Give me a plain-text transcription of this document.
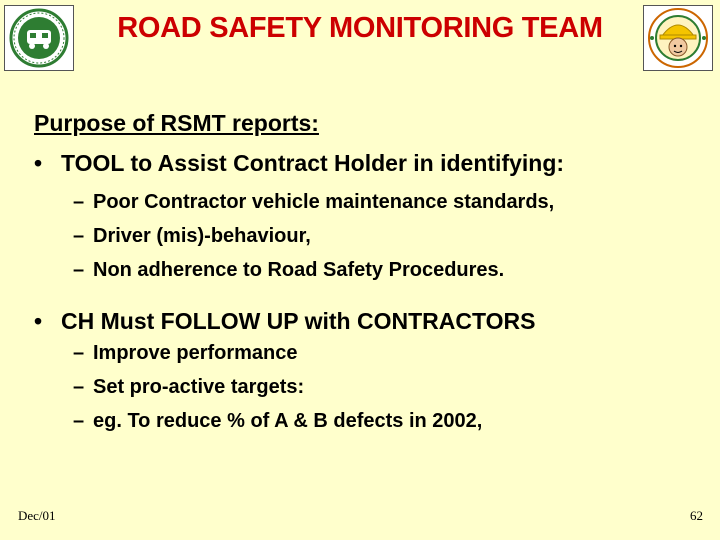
ROAD SAFETY MONITORING TEAM
Purpose of RSMT reports:
• TOOL to Assist Contract Holder in identifying:
– Poor Contractor vehicle maintenance standards,
– Driver (mis)-behaviour,
– Non adherence to Road Safety Procedures.
• CH Must FOLLOW UP with CONTRACTORS
– Improve performance
– Set pro-active targets:
– eg. To reduce % of A & B defects in 2002,
Dec/01	62
